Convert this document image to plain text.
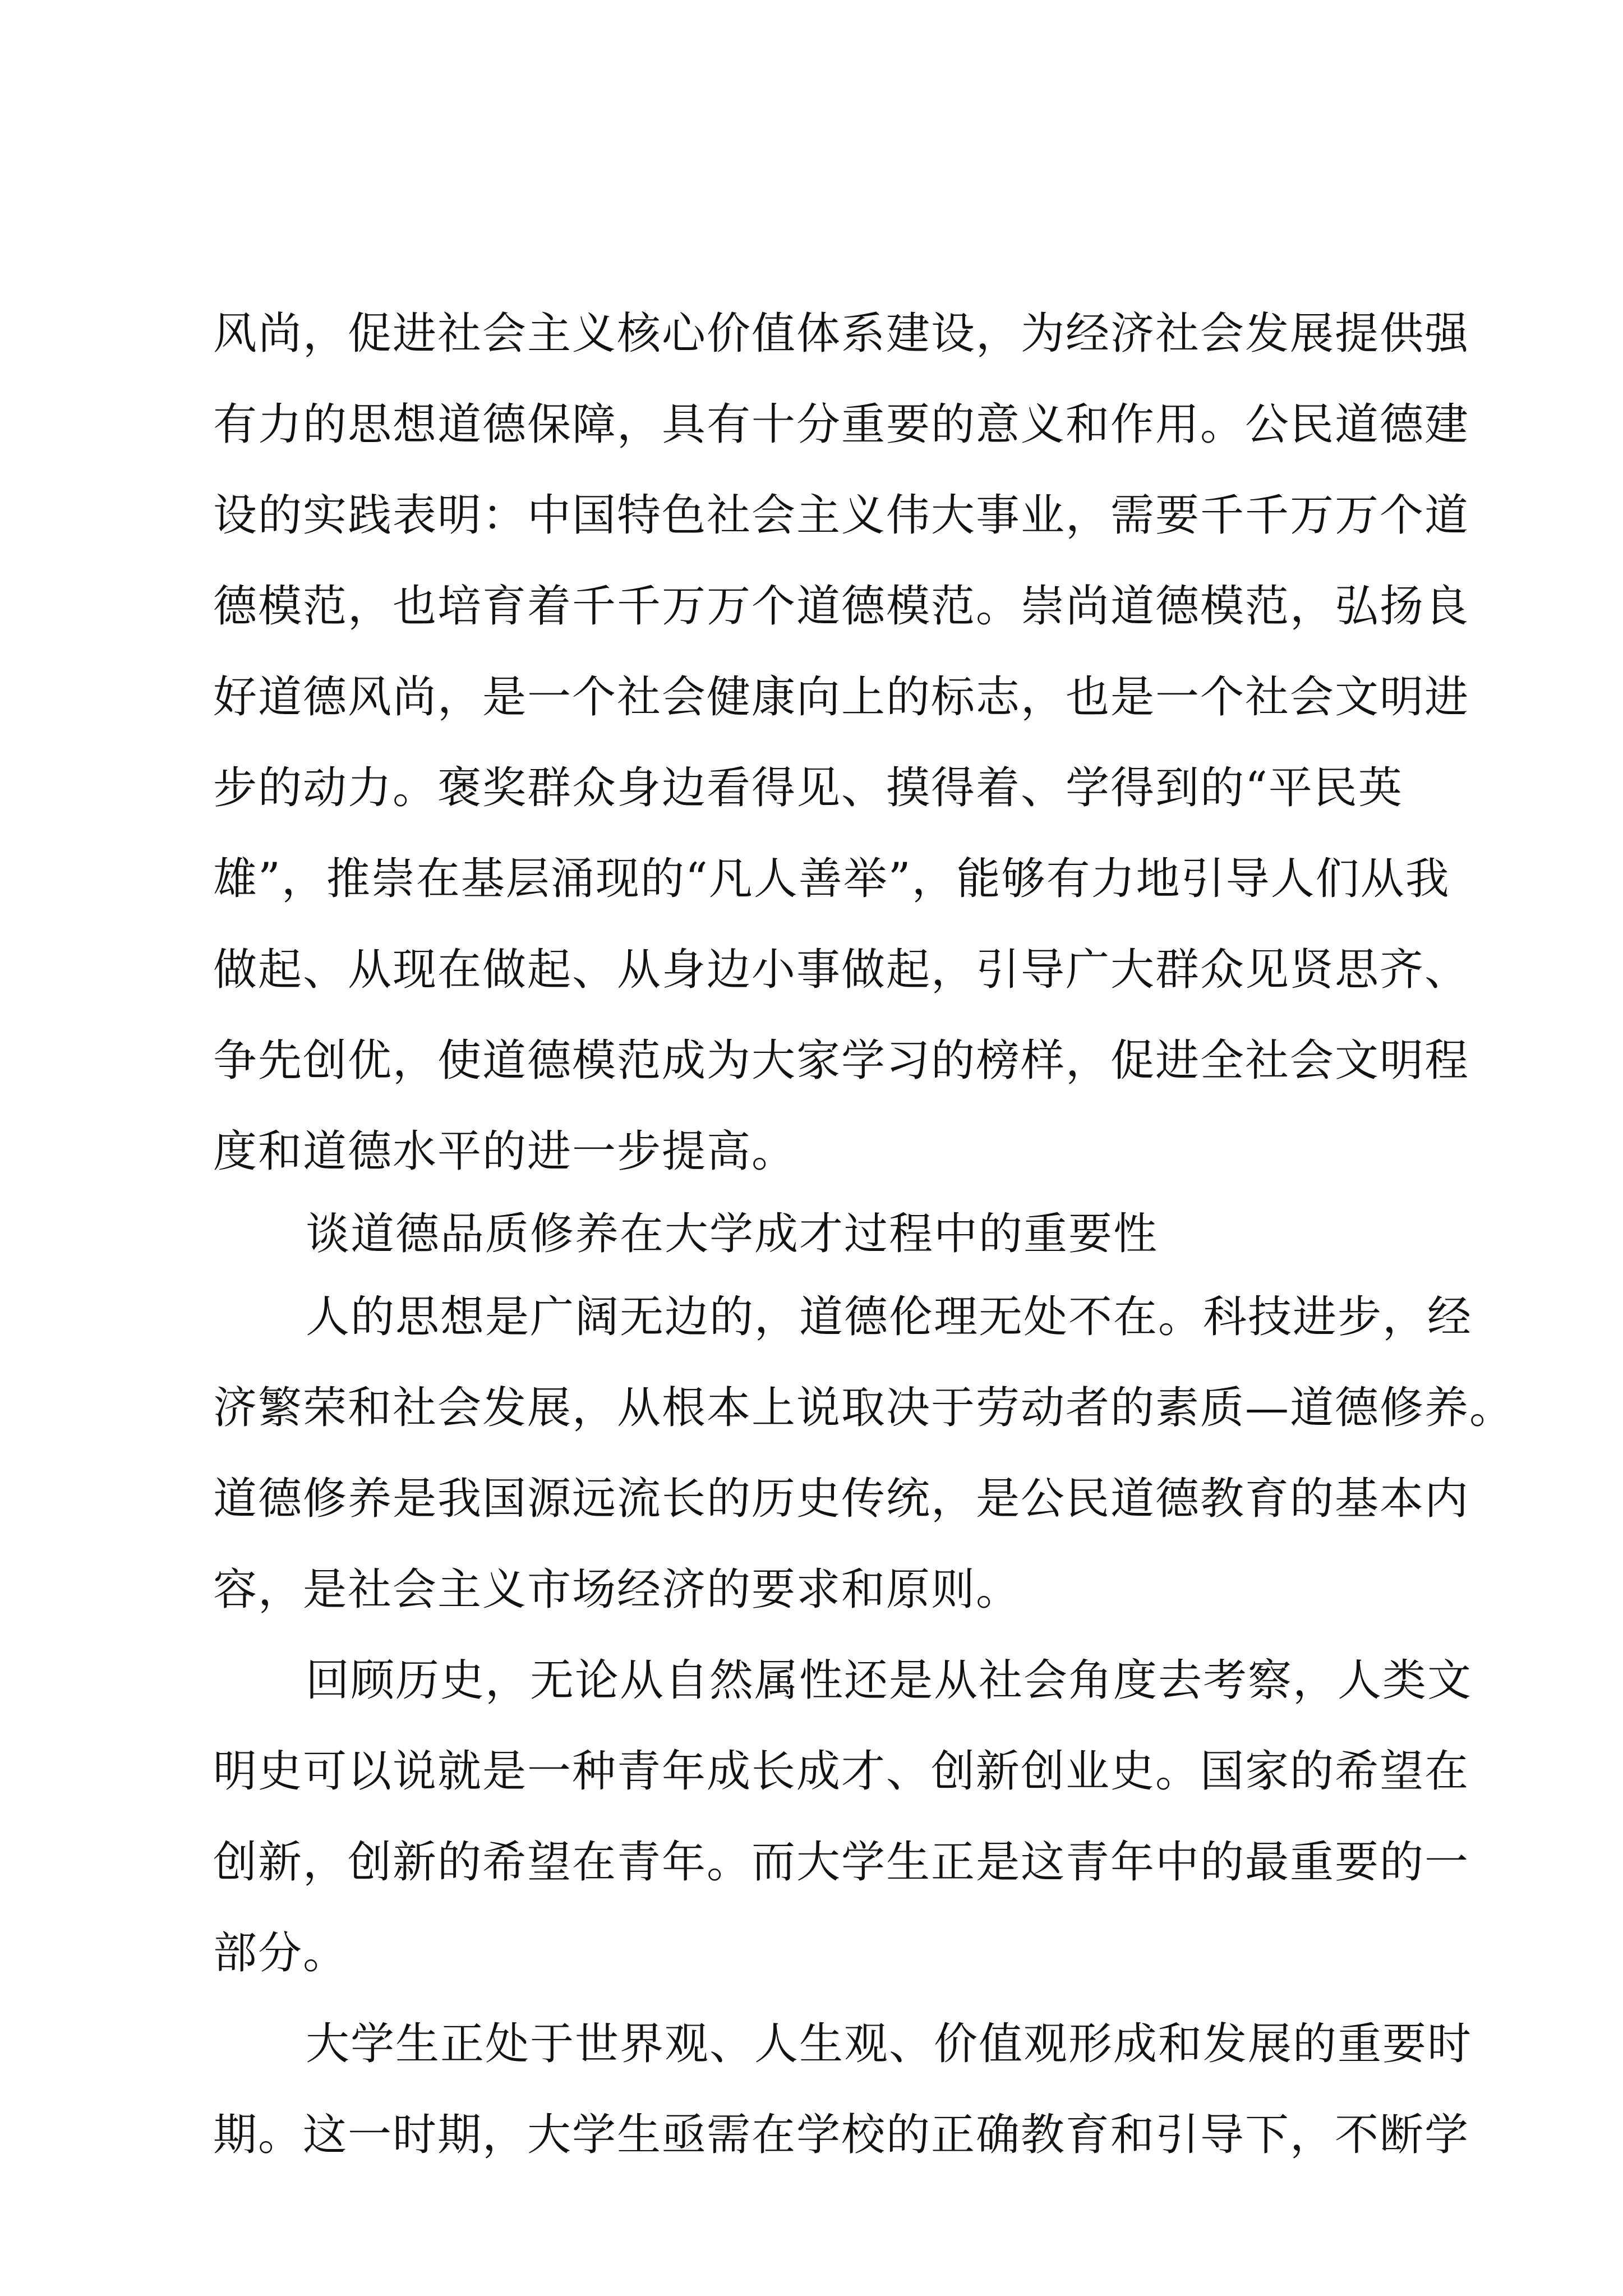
风尚，促进社会主义核心价值体系建设，为经济社会发展提供强
有力的思想道德保障，具有十分重要的意义和作用。公民道德建
设的实践表明：中国特色社会主义伟大事业，需要千千万万个道
德模范，也培育着千千万万个道德模范。崇尚道德模范，弘扬良
好道德风尚，是一个社会健康向上的标志，也是一个社会文明进
步的动力。褒奖群众身边看得见、摸得着、学得到的“平民英
雄”，推崇在基层涌现的“凡人善举”，能够有力地引导人们从我
做起、从现在做起、从身边小事做起，引导广大群众见贤思齐、
争先创优，使道德模范成为大家学习的榜样，促进全社会文明程
度和道德水平的进一步提高。
谈道德品质修养在大学成才过程中的重要性
人的思想是广阔无边的，道德伦理无处不在。科技进步，经
济繁荣和社会发展，从根本上说取决于劳动者的素质—道德修养。
道德修养是我国源远流长的历史传统，是公民道德教育的基本内
容，是社会主义市场经济的要求和原则。
回顾历史，无论从自然属性还是从社会角度去考察，人类文
明史可以说就是一种青年成长成才、创新创业史。国家的希望在
创新，创新的希望在青年。而大学生正是这青年中的最重要的一
部分。
大学生正处于世界观、人生观、价值观形成和发展的重要时
期。这一时期，大学生亟需在学校的正确教育和引导下，不断学
